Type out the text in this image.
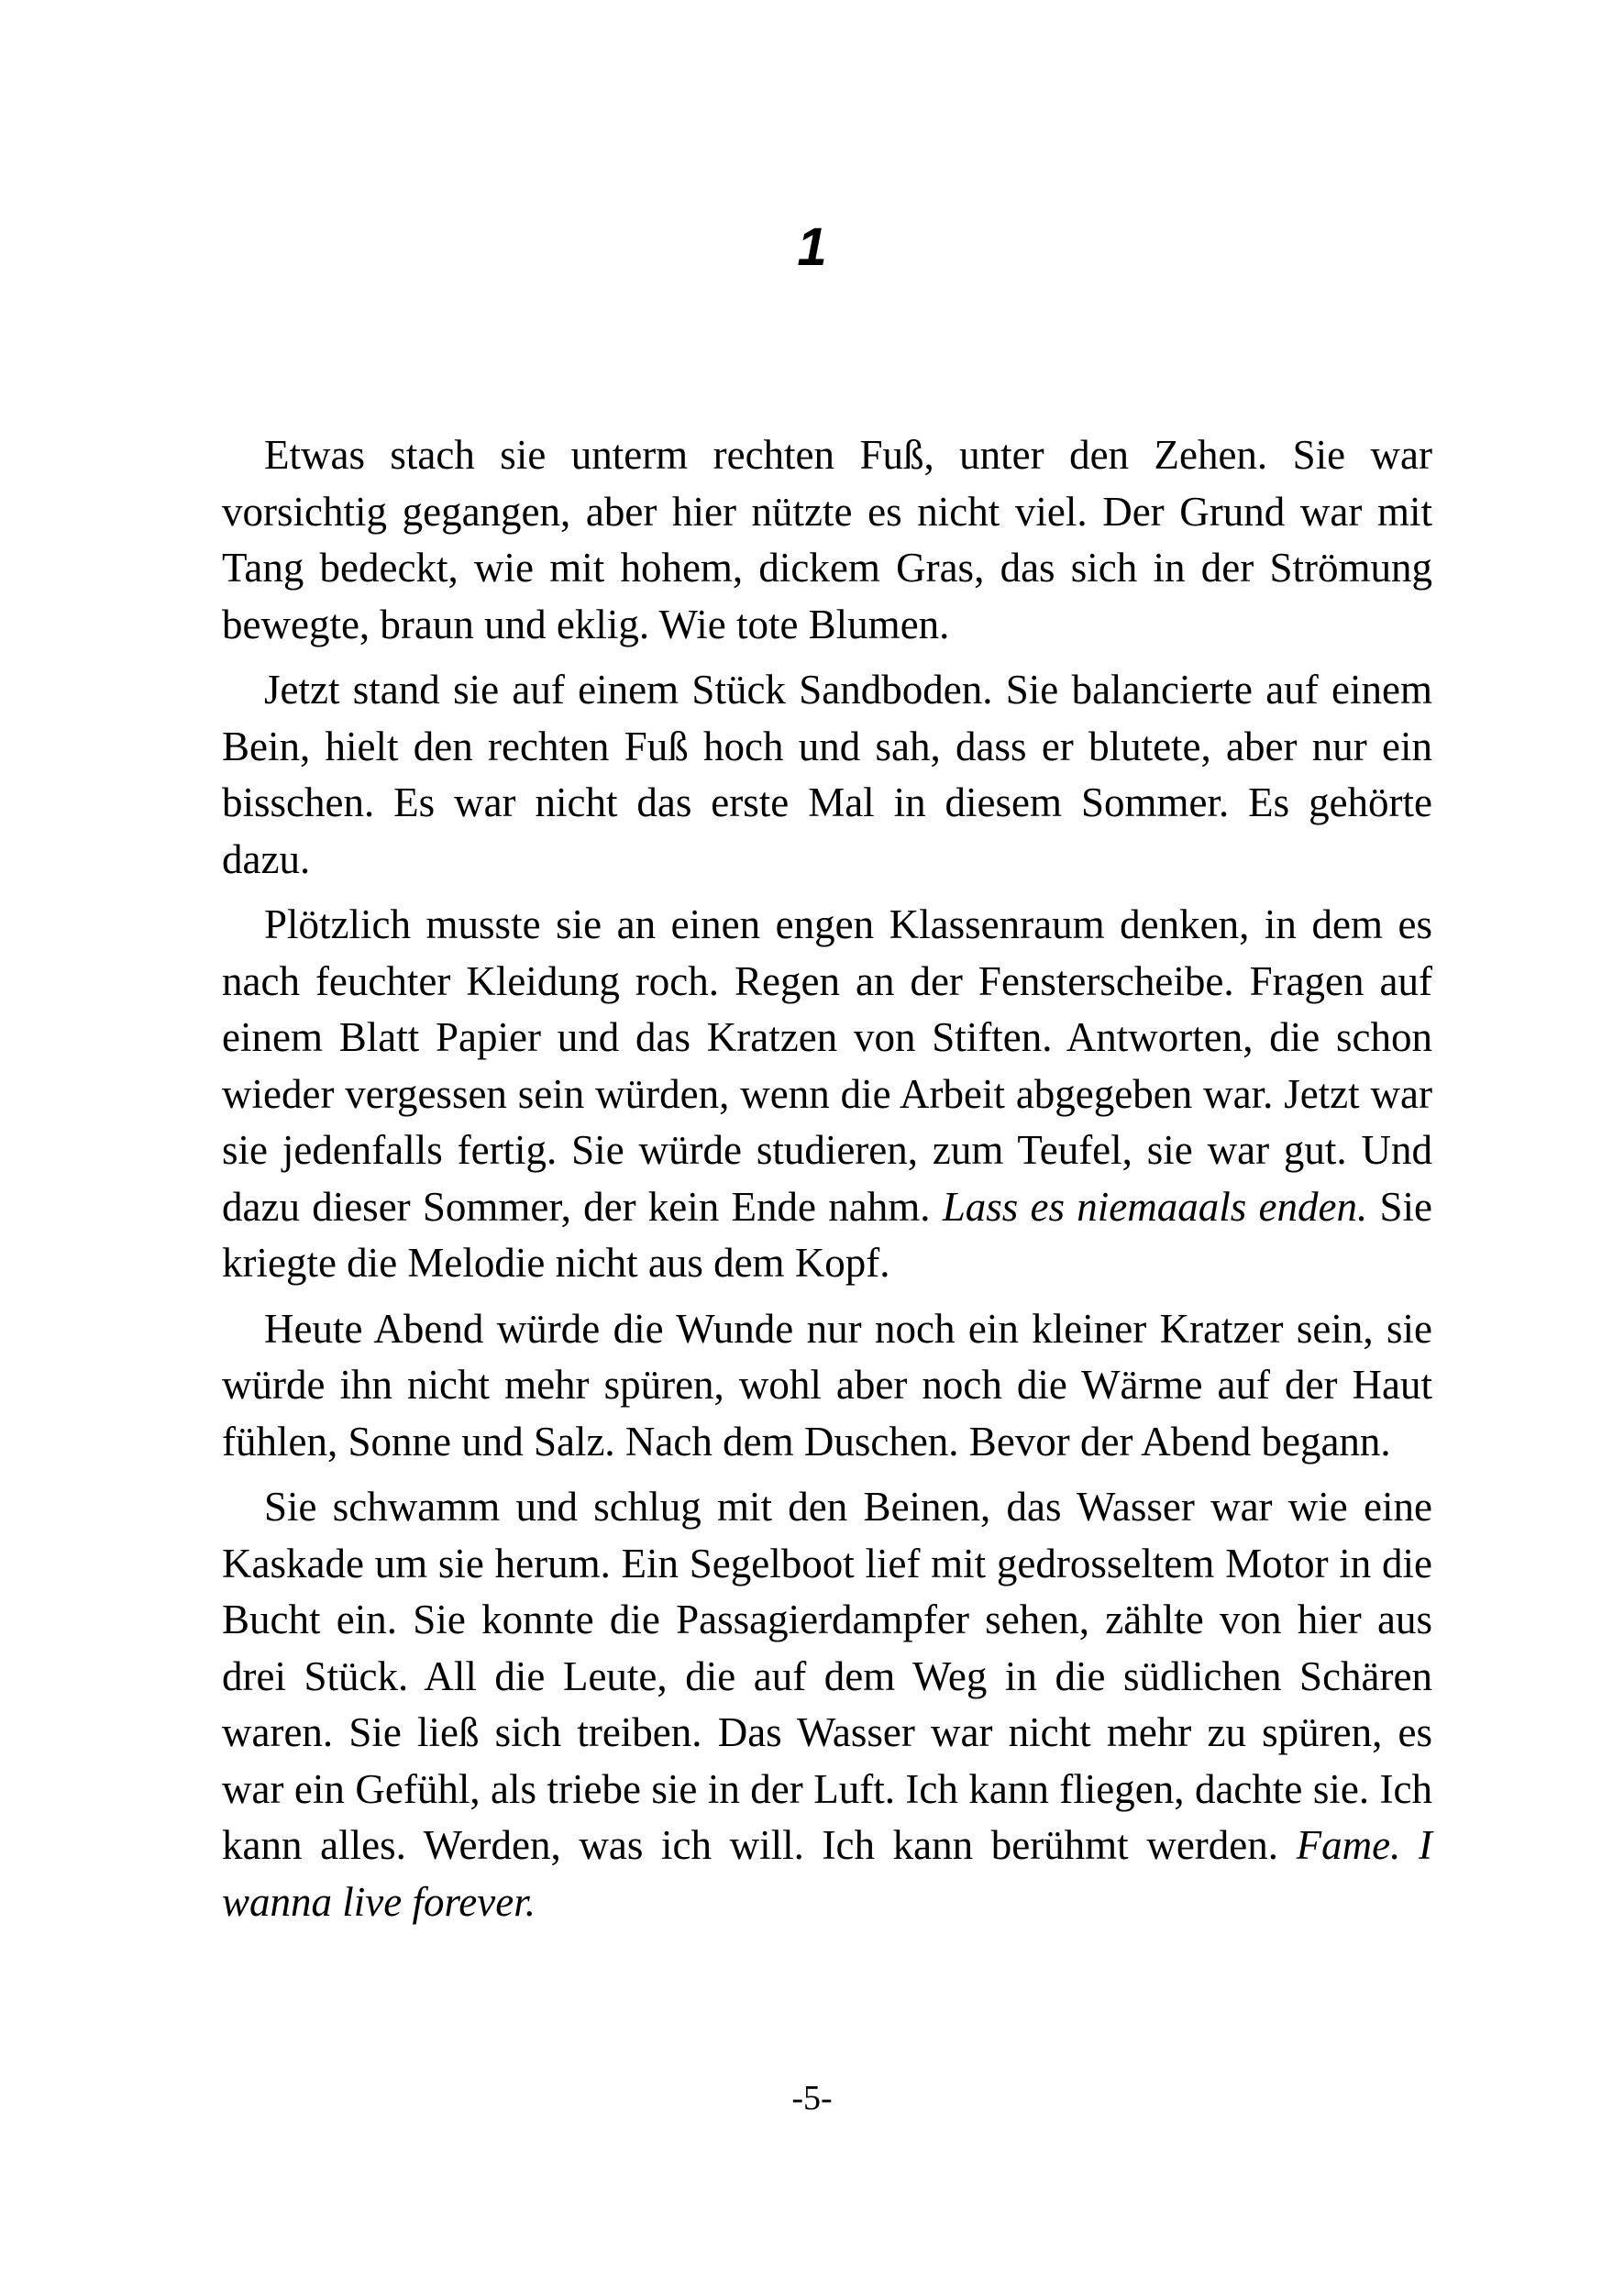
1

Etwas stach sie unterm rechten Fuß, unter den Zehen. Sie war vorsichtig gegangen, aber hier nützte es nicht viel. Der Grund war mit Tang bedeckt, wie mit hohem, dickem Gras, das sich in der Strömung bewegte, braun und eklig. Wie tote Blumen.

Jetzt stand sie auf einem Stück Sandboden. Sie balancierte auf einem Bein, hielt den rechten Fuß hoch und sah, dass er blutete, aber nur ein bisschen. Es war nicht das erste Mal in diesem Sommer. Es gehörte dazu.

Plötzlich musste sie an einen engen Klassenraum denken, in dem es nach feuchter Kleidung roch. Regen an der Fensterscheibe. Fragen auf einem Blatt Papier und das Kratzen von Stiften. Antworten, die schon wieder vergessen sein würden, wenn die Arbeit abgegeben war. Jetzt war sie jedenfalls fertig. Sie würde studieren, zum Teufel, sie war gut. Und dazu dieser Sommer, der kein Ende nahm. Lass es niemaaals enden. Sie kriegte die Melodie nicht aus dem Kopf.

Heute Abend würde die Wunde nur noch ein kleiner Kratzer sein, sie würde ihn nicht mehr spüren, wohl aber noch die Wärme auf der Haut fühlen, Sonne und Salz. Nach dem Duschen. Bevor der Abend begann.

Sie schwamm und schlug mit den Beinen, das Wasser war wie eine Kaskade um sie herum. Ein Segelboot lief mit gedrosseltem Motor in die Bucht ein. Sie konnte die Passagierdampfer sehen, zählte von hier aus drei Stück. All die Leute, die auf dem Weg in die südlichen Schären waren. Sie ließ sich treiben. Das Wasser war nicht mehr zu spüren, es war ein Gefühl, als triebe sie in der Luft. Ich kann fliegen, dachte sie. Ich kann alles. Werden, was ich will. Ich kann berühmt werden. Fame. I wanna live forever.

-5-
